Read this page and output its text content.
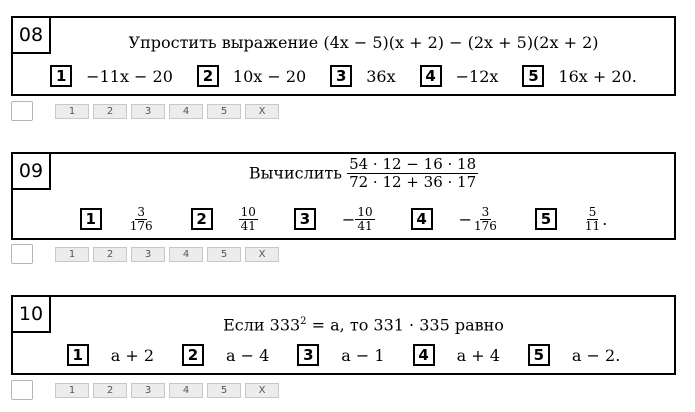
08	Упростить выражение (4x − 5)(x + 2) − (2x + 5)(2x + 2)
1	−11x − 20	2	10x − 20	3	36x	4	−12x	5	16x + 20.
1	2	3	4	5	X
09	Вычислить $\frac{54 \cdot 12 - 16 \cdot 18}{72 \cdot 12 + 36 \cdot 17}$
1	$\frac{3}{176}$	2	$\frac{10}{41}$	3	− $\frac{10}{41}$	4	− $\frac{3}{176}$	5	$\frac{5}{11}$ .
1	2	3	4	5	X
10	Если $333^2 = a$, то 331 · 335 равно
1	a + 2	2	a − 4	3	a − 1	4	a + 4	5	a − 2.
1	2	3	4	5	X
